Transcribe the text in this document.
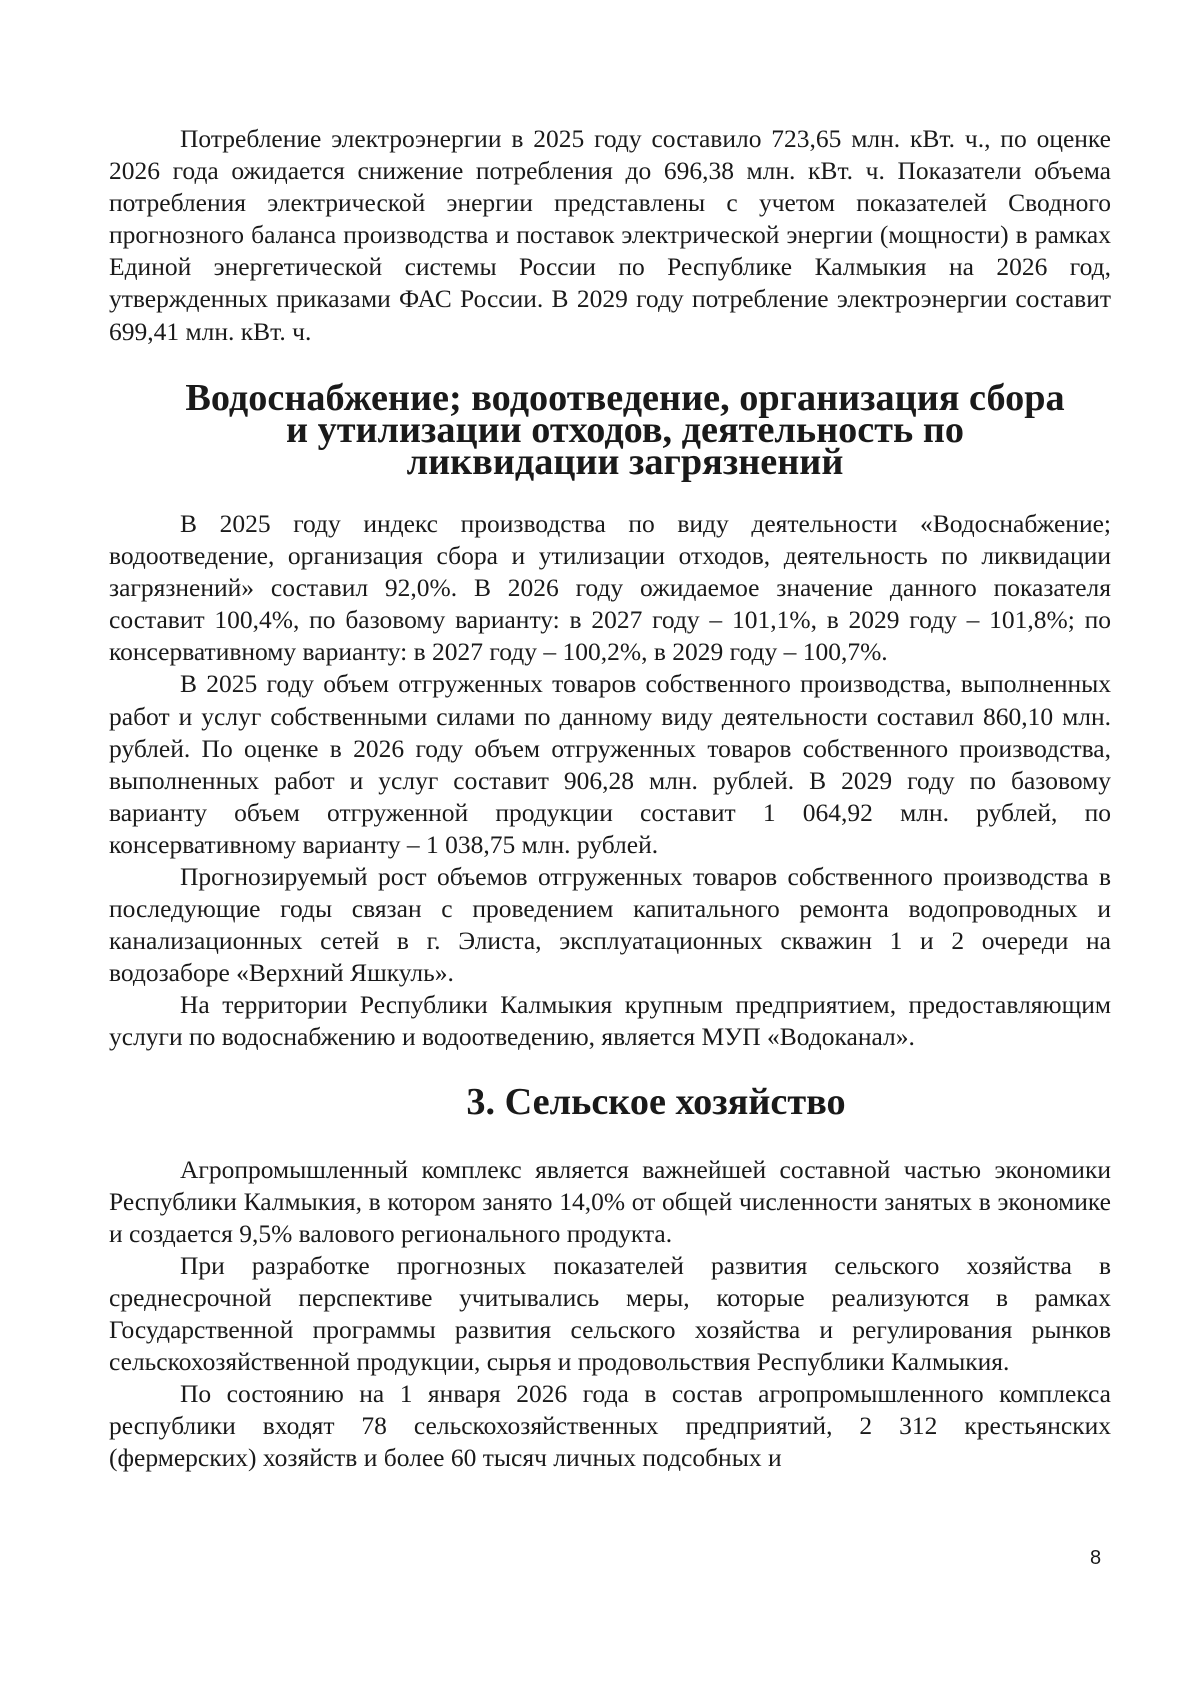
Потребление электроэнергии в 2025 году составило 723,65 млн. кВт. ч., по оценке 2026 года ожидается снижение потребления до 696,38 млн. кВт. ч. Показатели объема потребления электрической энергии представлены с учетом показателей Сводного прогнозного баланса производства и поставок электрической энергии (мощности) в рамках Единой энергетической системы России по Республике Калмыкия на 2026 год, утвержденных приказами ФАС России. В 2029 году потребление электроэнергии составит 699,41 млн. кВт. ч.

Водоснабжение; водоотведение, организация сбора и утилизации отходов, деятельность по ликвидации загрязнений

В 2025 году индекс производства по виду деятельности «Водоснабжение; водоотведение, организация сбора и утилизации отходов, деятельность по ликвидации загрязнений» составил 92,0%. В 2026 году ожидаемое значение данного показателя составит 100,4%, по базовому варианту: в 2027 году – 101,1%, в 2029 году – 101,8%; по консервативному варианту: в 2027 году – 100,2%, в 2029 году – 100,7%.

В 2025 году объем отгруженных товаров собственного производства, выполненных работ и услуг собственными силами по данному виду деятельности составил 860,10 млн. рублей. По оценке в 2026 году объем отгруженных товаров собственного производства, выполненных работ и услуг составит 906,28 млн. рублей. В 2029 году по базовому варианту объем отгруженной продукции составит 1 064,92 млн. рублей, по консервативному варианту – 1 038,75 млн. рублей.

Прогнозируемый рост объемов отгруженных товаров собственного производства в последующие годы связан с проведением капитального ремонта водопроводных и канализационных сетей в г. Элиста, эксплуатационных скважин 1 и 2 очереди на водозаборе «Верхний Яшкуль».

На территории Республики Калмыкия крупным предприятием, предоставляющим услуги по водоснабжению и водоотведению, является МУП «Водоканал».

3. Сельское хозяйство

Агропромышленный комплекс является важнейшей составной частью экономики Республики Калмыкия, в котором занято 14,0% от общей численности занятых в экономике и создается 9,5% валового регионального продукта.

При разработке прогнозных показателей развития сельского хозяйства в среднесрочной перспективе учитывались меры, которые реализуются в рамках Государственной программы развития сельского хозяйства и регулирования рынков сельскохозяйственной продукции, сырья и продовольствия Республики Калмыкия.

По состоянию на 1 января 2026 года в состав агропромышленного комплекса республики входят 78 сельскохозяйственных предприятий, 2 312 крестьянских (фермерских) хозяйств и более 60 тысяч личных подсобных и

8
